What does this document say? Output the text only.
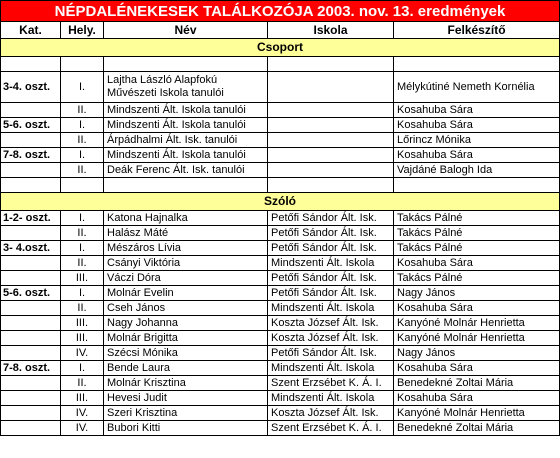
NÉPDALÉNEKESEK TALÁLKOZÓJA 2003. nov. 13. eredmények				
Kat.	Hely.	Név	Iskola	Felkészítő
Csoport				

3-4. oszt.	I.	Lajtha László Alapfokú Művészeti Iskola tanulói		Mélykútiné Nemeth Kornélia
	II.	Mindszenti Ált. Iskola tanulói		Kosahuba Sára
5-6. oszt.	I.	Mindszenti Ált. Iskola tanulói		Kosahuba Sára
	II.	Árpádhalmi Ált. Isk. tanulói		Lőrincz Mónika
7-8. oszt.	I.	Mindszenti Ált. Iskola tanulói		Kosahuba Sára
	II.	Deák Ferenc Ált. Isk. tanulói		Vajdáné Balogh Ida

Szóló				
1-2- oszt.	I.	Katona Hajnalka	Petőfi Sándor Ált. Isk.	Takács Pálné
	II.	Halász Máté	Petőfi Sándor Ált. Isk.	Takács Pálné
3- 4.oszt.	I.	Mészáros Lívia	Petőfi Sándor Ált. Isk.	Takács Pálné
	II.	Csányi Viktória	Mindszenti Ált. Iskola	Kosahuba Sára
	III.	Váczi Dóra	Petőfi Sándor Ált. Isk.	Takács Pálné
5-6. oszt.	I.	Molnár Evelin	Petőfi Sándor Ált. Isk.	Nagy János
	II.	Cseh János	Mindszenti Ált. Iskola	Kosahuba Sára
	III.	Nagy Johanna	Koszta József Ált. Isk.	Kanyóné Molnár Henrietta
	III.	Molnár Brigitta	Koszta József Ált. Isk.	Kanyóné Molnár Henrietta
	IV.	Szécsi Mónika	Petőfi Sándor Ált. Isk.	Nagy János
7-8. oszt.	I.	Bende Laura	Mindszenti Ált. Iskola	Kosahuba Sára
	II.	Molnár Krisztina	Szent Erzsébet K. Á. I.	Benedekné Zoltai Mária
	III.	Hevesi Judit	Mindszenti Ált. Iskola	Kosahuba Sára
	IV.	Szeri Krisztina	Koszta József Ált. Isk.	Kanyóné Molnár Henrietta
	IV.	Bubori Kitti	Szent Erzsébet K. Á. I.	Benedekné Zoltai Mária
